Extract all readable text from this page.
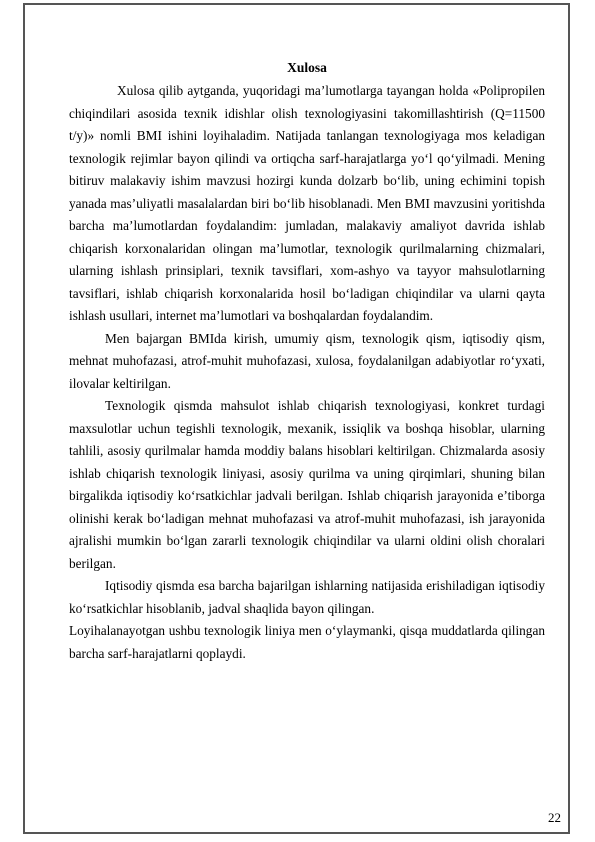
Xulosa

Xulosa qilib aytganda, yuqoridagi ma’lumotlarga tayangan holda «Polipropilen chiqindilari asosida texnik idishlar olish texnologiyasini takomillashtirish (Q=11500 t/y)» nomli BMI ishini loyihaladim. Natijada tanlangan texnologiyaga mos keladigan texnologik rejimlar bayon qilindi va ortiqcha sarf-harajatlarga yo‘l qo‘yilmadi. Mening bitiruv malakaviy ishim mavzusi hozirgi kunda dolzarb bo‘lib, uning echimini topish yanada mas’uliyatli masalalardan biri bo‘lib hisoblanadi. Men BMI mavzusini yoritishda barcha ma’lumotlardan foydalandim: jumladan, malakaviy amaliyot davrida ishlab chiqarish korxonalaridan olingan ma’lumotlar, texnologik qurilmalarning chizmalari, ularning ishlash prinsiplari, texnik tavsiflari, xom-ashyo va tayyor mahsulotlarning tavsiflari, ishlab chiqarish korxonalarida hosil bo‘ladigan chiqindilar va ularni qayta ishlash usullari, internet ma’lumotlari va boshqalardan foydalandim.

Men bajargan BMIda kirish, umumiy qism, texnologik qism, iqtisodiy qism, mehnat muhofazasi, atrof-muhit muhofazasi, xulosa, foydalanilgan adabiyotlar ro‘yxati, ilovalar keltirilgan.

Texnologik qismda mahsulot ishlab chiqarish texnologiyasi, konkret turdagi maxsulotlar uchun tegishli texnologik, mexanik, issiqlik va boshqa hisoblar, ularning tahlili, asosiy qurilmalar hamda moddiy balans hisoblari keltirilgan. Chizmalarda asosiy ishlab chiqarish texnologik liniyasi, asosiy qurilma va uning qirqimlari, shuning bilan birgalikda iqtisodiy ko‘rsatkichlar jadvali berilgan. Ishlab chiqarish jarayonida e’tiborga olinishi kerak bo‘ladigan mehnat muhofazasi va atrof-muhit muhofazasi, ish jarayonida ajralishi mumkin bo‘lgan zararli texnologik chiqindilar va ularni oldini olish choralari berilgan.

Iqtisodiy qismda esa barcha bajarilgan ishlarning natijasida erishiladigan iqtisodiy ko‘rsatkichlar hisoblanib, jadval shaqlida bayon qilingan.

Loyihalanayotgan ushbu texnologik liniya men o‘ylaymanki, qisqa muddatlarda qilingan barcha sarf-harajatlarni qoplaydi.

22
